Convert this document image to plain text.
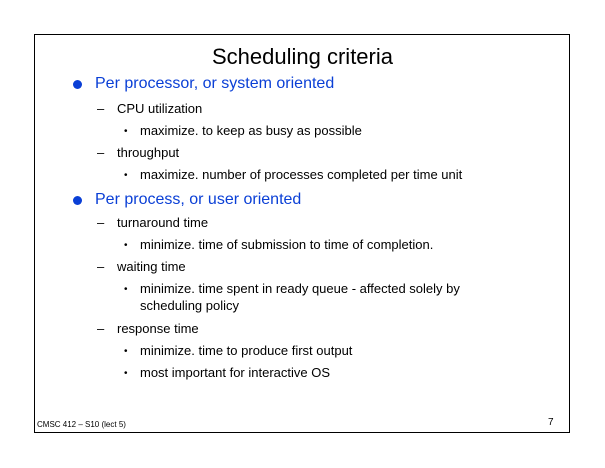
Scheduling criteria
Per processor, or system oriented
– CPU utilization
• maximize. to keep as busy as possible
– throughput
• maximize. number of processes completed per time unit
Per process, or user oriented
– turnaround time
• minimize. time of submission to time of completion.
– waiting time
• minimize. time spent in ready queue - affected solely by scheduling policy
– response time
• minimize. time to produce first output
• most important for interactive OS
CMSC 412 – S10 (lect 5)	7
